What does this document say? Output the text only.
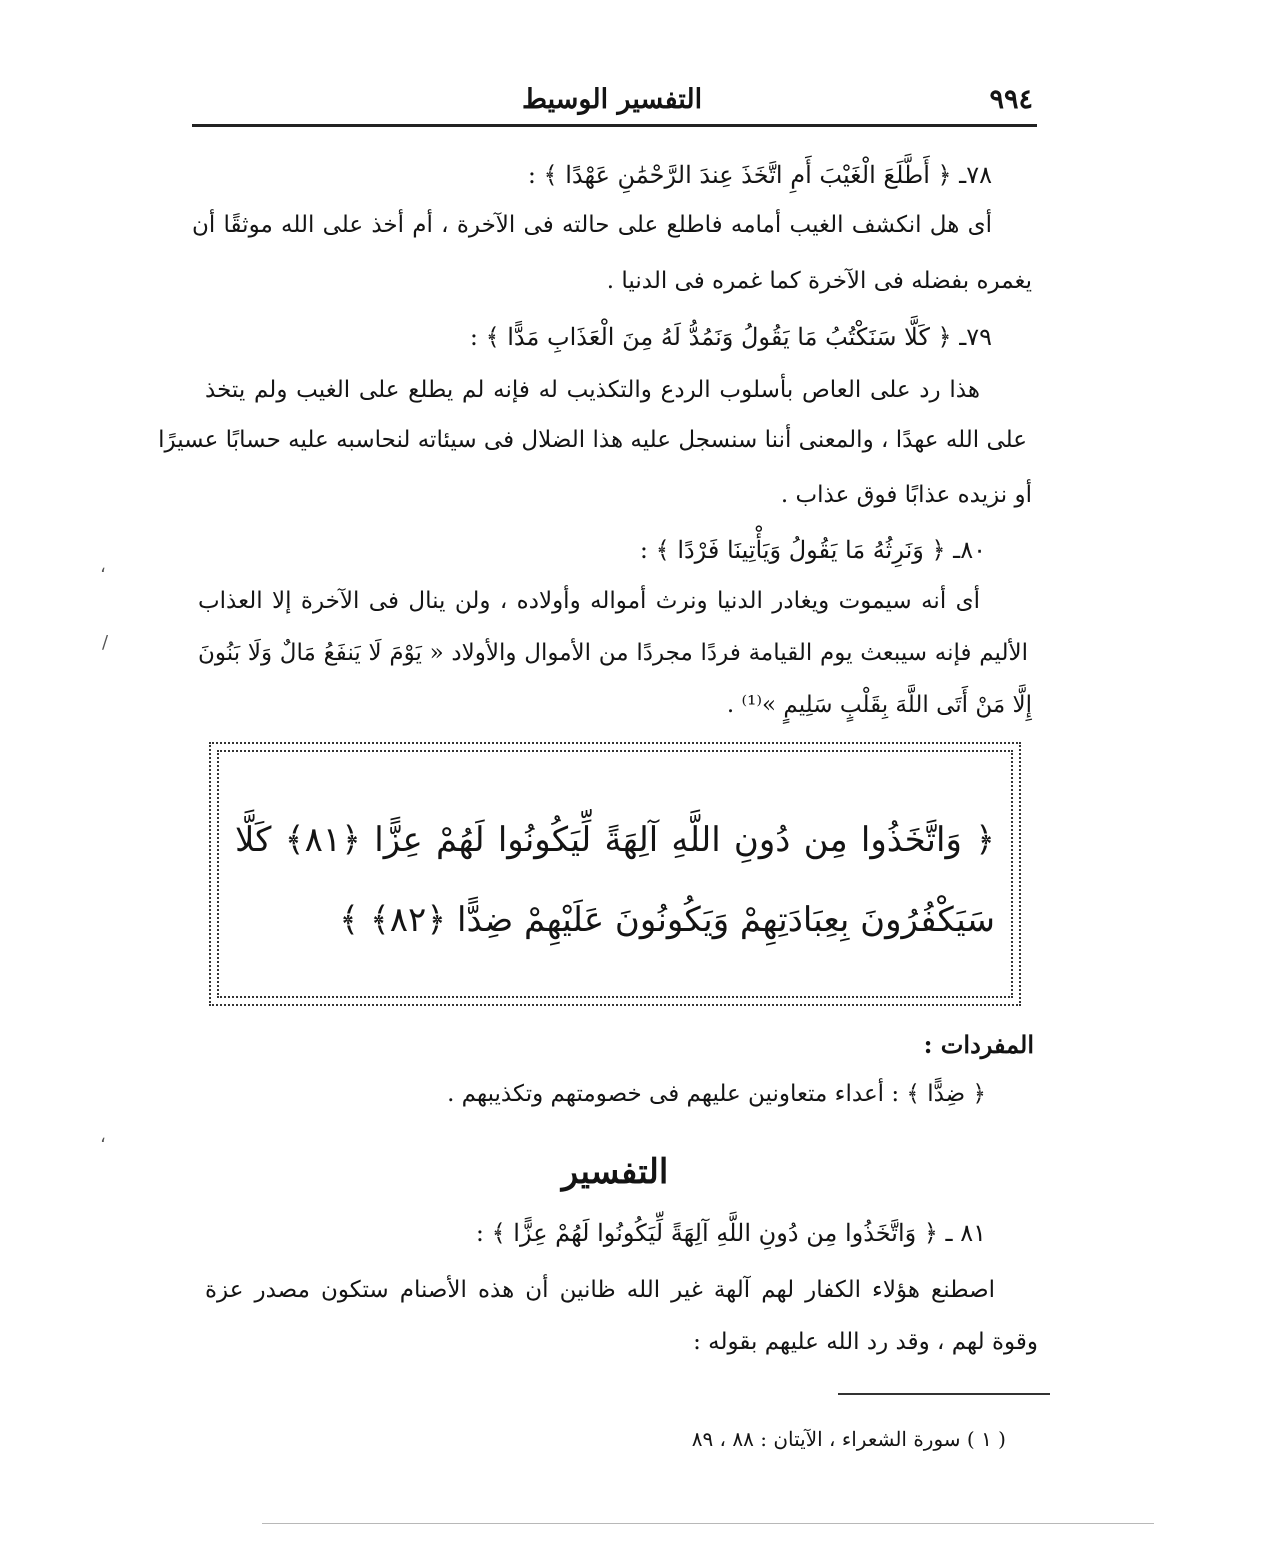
٩٩٤
التفسير الوسيط
٧٨ـ ﴿ أَطَّلَعَ الْغَيْبَ أَمِ اتَّخَذَ عِندَ الرَّحْمَٰنِ عَهْدًا ﴾ :
أى هل انكشف الغيب أمامه فاطلع على حالته فى الآخرة ، أم أخذ على الله موثقًا أن
يغمره بفضله فى الآخرة كما غمره فى الدنيا .
٧٩ـ ﴿ كَلَّا سَنَكْتُبُ مَا يَقُولُ وَنَمُدُّ لَهُ مِنَ الْعَذَابِ مَدًّا ﴾ :
هذا رد على العاص بأسلوب الردع والتكذيب له فإنه لم يطلع على الغيب ولم يتخذ
على الله عهدًا ، والمعنى أننا سنسجل عليه هذا الضلال فى سيئاته لنحاسبه عليه حسابًا عسيرًا
أو نزيده عذابًا فوق عذاب .
٨٠ـ ﴿ وَنَرِثُهُ مَا يَقُولُ وَيَأْتِينَا فَرْدًا ﴾ :
أى أنه سيموت ويغادر الدنيا ونرث أمواله وأولاده ، ولن ينال فى الآخرة إلا العذاب
الأليم فإنه سيبعث يوم القيامة فردًا مجردًا من الأموال والأولاد « يَوْمَ لَا يَنفَعُ مَالٌ وَلَا بَنُونَ
إِلَّا مَنْ أَتَى اللَّهَ بِقَلْبٍ سَلِيمٍ »⁽¹⁾ .
﴿ وَاتَّخَذُوا مِن دُونِ اللَّهِ آلِهَةً لِّيَكُونُوا لَهُمْ عِزًّا ﴿٨١﴾ كَلَّا
سَيَكْفُرُونَ بِعِبَادَتِهِمْ وَيَكُونُونَ عَلَيْهِمْ ضِدًّا ﴿٨٢﴾ ﴾
المفردات :
﴿ ضِدًّا ﴾ : أعداء متعاونين عليهم فى خصومتهم وتكذيبهم .
التفسير
٨١ ـ ﴿ وَاتَّخَذُوا مِن دُونِ اللَّهِ آلِهَةً لِّيَكُونُوا لَهُمْ عِزًّا ﴾ :
اصطنع هؤلاء الكفار لهم آلهة غير الله ظانين أن هذه الأصنام ستكون مصدر عزة
وقوة لهم ، وقد رد الله عليهم بقوله :
( ١ ) سورة الشعراء ، الآيتان : ٨٨ ، ٨٩
،
/
،
